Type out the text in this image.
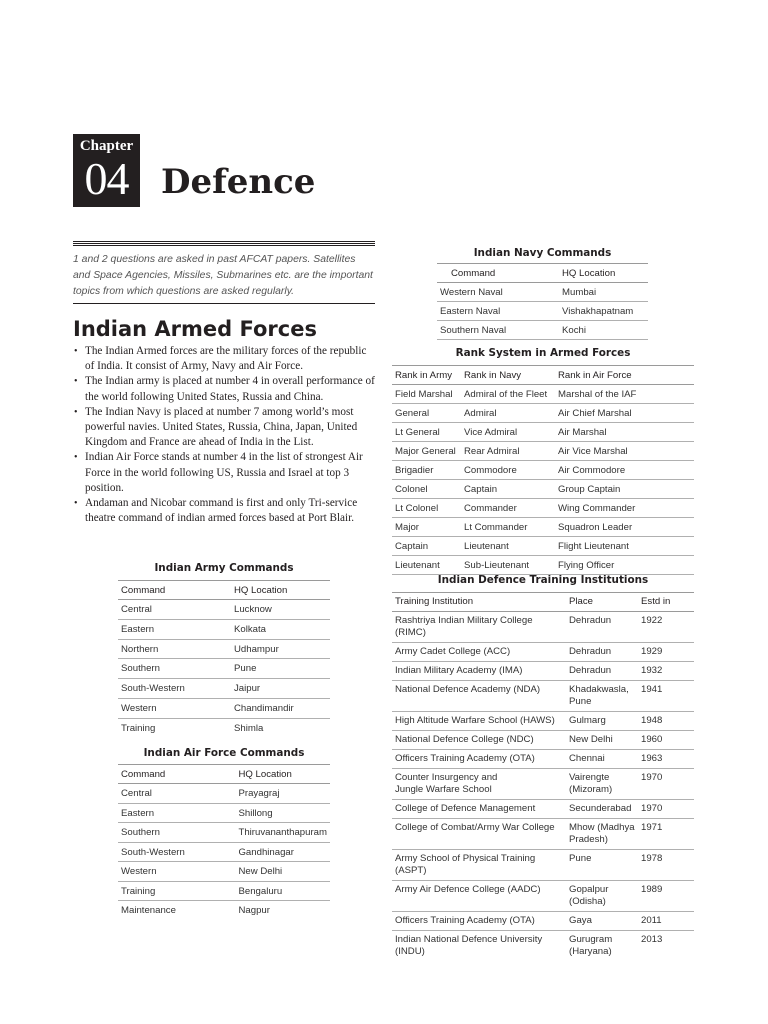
Chapter
04 Defence

1 and 2 questions are asked in past AFCAT papers. Satellites and Space Agencies, Missiles, Submarines etc. are the important topics from which questions are asked regularly.

Indian Armed Forces
• The Indian Armed forces are the military forces of the republic of India. It consist of Army, Navy and Air Force.
• The Indian army is placed at number 4 in overall performance of the world following United States, Russia and China.
• The Indian Navy is placed at number 7 among world’s most powerful navies. United States, Russia, China, Japan, United Kingdom and France are ahead of India in the List.
• Indian Air Force stands at number 4 in the list of strongest Air Force in the world following US, Russia and Israel at top 3 position.
• Andaman and Nicobar command is first and only Tri-service theatre command of indian armed forces based at Port Blair.
Indian Army Commands
Command	HQ Location
Central	Lucknow
Eastern	Kolkata
Northern	Udhampur
Southern	Pune
South-Western	Jaipur
Western	Chandimandir
Training	Shimla
Indian Air Force Commands
Command	HQ Location
Central	Prayagraj
Eastern	Shillong
Southern	Thiruvananthapuram
South-Western	Gandhinagar
Western	New Delhi
Training	Bengaluru
Maintenance	Nagpur
Indian Navy Commands
Command	HQ Location
Western Naval	Mumbai
Eastern Naval	Vishakhapatnam
Southern Naval	Kochi
Rank System in Armed Forces
Rank in Army	Rank in Navy	Rank in Air Force
Field Marshal	Admiral of the Fleet	Marshal of the IAF
General	Admiral	Air Chief Marshal
Lt General	Vice Admiral	Air Marshal
Major General	Rear Admiral	Air Vice Marshal
Brigadier	Commodore	Air Commodore
Colonel	Captain	Group Captain
Lt Colonel	Commander	Wing Commander
Major	Lt Commander	Squadron Leader
Captain	Lieutenant	Flight Lieutenant
Lieutenant	Sub-Lieutenant	Flying Officer
Indian Defence Training Institutions
Training Institution	Place	Estd in
Rashtriya Indian Military College (RIMC)	Dehradun	1922
Army Cadet College (ACC)	Dehradun	1929
Indian Military Academy (IMA)	Dehradun	1932
National Defence Academy (NDA)	Khadakwasla, Pune	1941
High Altitude Warfare School (HAWS)	Gulmarg	1948
National Defence College (NDC)	New Delhi	1960
Officers Training Academy (OTA)	Chennai	1963
Counter Insurgency and Jungle Warfare School	Vairengte (Mizoram)	1970
College of Defence Management	Secunderabad	1970
College of Combat/Army War College	Mhow (Madhya Pradesh)	1971
Army School of Physical Training (ASPT)	Pune	1978
Army Air Defence College (AADC)	Gopalpur (Odisha)	1989
Officers Training Academy (OTA)	Gaya	2011
Indian National Defence University (INDU)	Gurugram (Haryana)	2013
